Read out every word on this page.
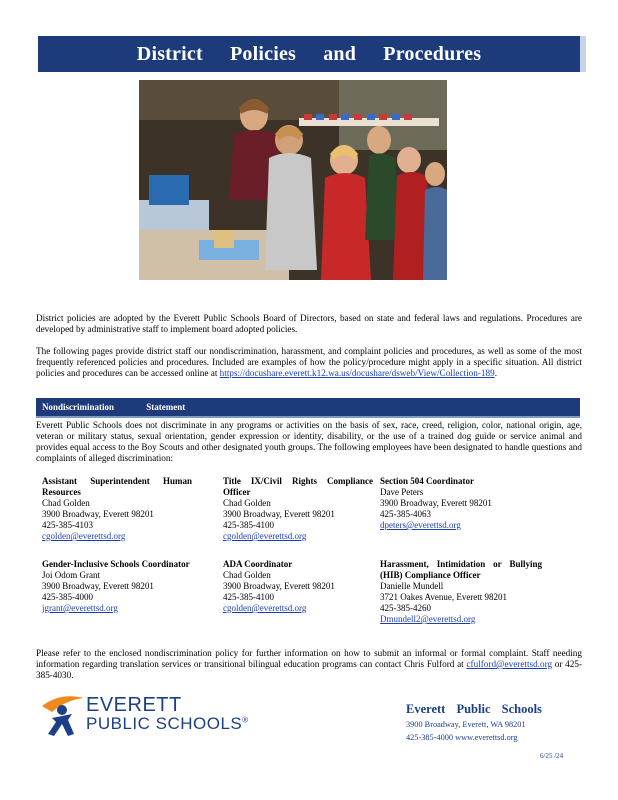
District Policies and Procedures
District policies are adopted by the Everett Public Schools Board of Directors, based on state and federal laws and regulations. Procedures are developed by administrative staff to implement board adopted policies.
The following pages provide district staff our nondiscrimination, harassment, and complaint policies and procedures, as well as some of the most frequently referenced policies and procedures. Included are examples of how the policy/procedure might apply in a specific situation. All district policies and procedures can be accessed online at https://docushare.everett.k12.wa.us/docushare/dsweb/View/Collection-189.
Nondiscrimination Statement
Everett Public Schools does not discriminate in any programs or activities on the basis of sex, race, creed, religion, color, national origin, age, veteran or military status, sexual orientation, gender expression or identity, disability, or the use of a trained dog guide or service animal and provides equal access to the Boy Scouts and other designated youth groups. The following employees have been designated to handle questions and complaints of alleged discrimination:
Assistant Superintendent Human Resources
Chad Golden
3900 Broadway, Everett 98201
425-385-4103
cgolden@everettsd.org
Title IX/Civil Rights Compliance Officer
Chad Golden
3900 Broadway, Everett 98201
425-385-4100
cgolden@everettsd.org
Section 504 Coordinator
Dave Peters
3900 Broadway, Everett 98201
425-385-4063
dpeters@everettsd.org
Gender-Inclusive Schools Coordinator
Joi Odom Grant
3900 Broadway, Everett 98201
425-385-4000
jgrant@everettsd.org
ADA Coordinator
Chad Golden
3900 Broadway, Everett 98201
425-385-4100
cgolden@everettsd.org
Harassment, Intimidation or Bullying (HIB) Compliance Officer
Danielle Mundell
3721 Oakes Avenue, Everett 98201
425-385-4260
Dmundell2@everettsd.org
Please refer to the enclosed nondiscrimination policy for further information on how to submit an informal or formal complaint. Staff needing information regarding translation services or transitional bilingual education programs can contact Chris Fulford at cfulford@everettsd.org or 425-385-4030.
EVERETT
PUBLIC SCHOOLS®
Everett Public Schools
3900 Broadway, Everett, WA 98201
425-385-4000 www.everettsd.org
6/25 /24
